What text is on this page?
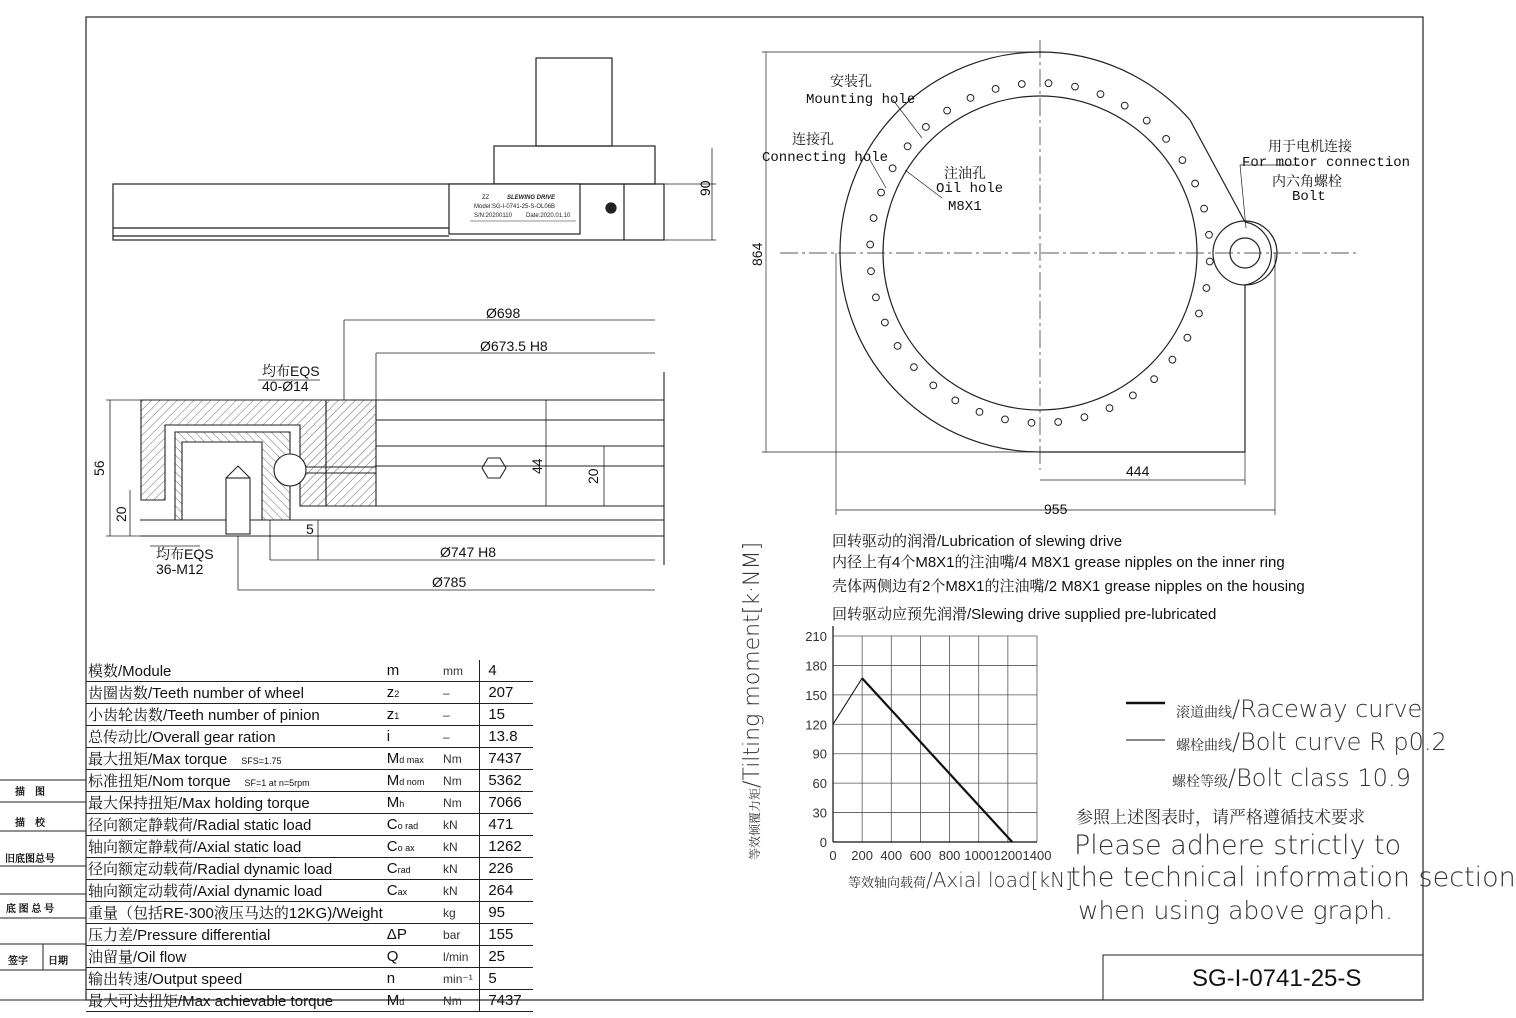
ZZ	SLEWING DRIVE
Model:SG-I-0741-25-S-OL06B
S/N:20200110 Date:2020.01.10
90
Ø698
Ø673.5 H8
均布EQS
40-Ø14
56	44
20
20
5
均布EQS
36-M12
Ø747 H8
Ø785
安装孔
Mounting hole
连接孔
Connecting hole
注油孔
Oil hole
M8X1
用于电机连接
For motor connection
内六角螺栓
Bolt
864
444
955
0
30
60
90
120
150
180
210
0 200 400 600 800 1000 1200 1400
等效倾覆力矩/Tilting moment[k·NM]
等效轴向载荷/Axial load[kN]
滚道曲线/Raceway curve
螺栓曲线/Bolt curve R p0.2
螺栓等级/Bolt class 10.9
参照上述图表时，请严格遵循技术要求
Please adhere strictly to
the technical information section
when using above graph.
回转驱动的润滑/Lubrication of slewing drive
内径上有4个M8X1的注油嘴/4 M8X1 grease nipples on the inner ring
壳体两侧边有2个M8X1的注油嘴/2 M8X1 grease nipples on the housing
回转驱动应预先润滑/Slewing drive supplied pre-lubricated
模数/Module	m	mm	4
齿圈齿数/Teeth number of wheel	z2	–	207
小齿轮齿数/Teeth number of pinion	z1	–	15
总传动比/Overall gear ration	i	–	13.8
最大扭矩/Max torque SFS=1.75	Md max	Nm	7437
标准扭矩/Nom torque SF=1 at n=5rpm	Md nom	Nm	5362
最大保持扭矩/Max holding torque	Mh	Nm	7066
径向额定静载荷/Radial static load	Co rad	kN	471
轴向额定静载荷/Axial static load	Co ax	kN	1262
径向额定动载荷/Radial dynamic load	Crad	kN	226
轴向额定动载荷/Axial dynamic load	Cax	kN	264
重量（包括RE-300液压马达的12KG)/Weight		kg	95
压力差/Pressure differential	ΔP	bar	155
油留量/Oil flow	Q	l/min	25
输出转速/Output speed	n	min⁻¹	5
最大可达扭矩/Max achievable torque	Md	Nm	7437
描　图
描　校
旧底图总号
底 图 总 号
签字 日期
SG-I-0741-25-S
